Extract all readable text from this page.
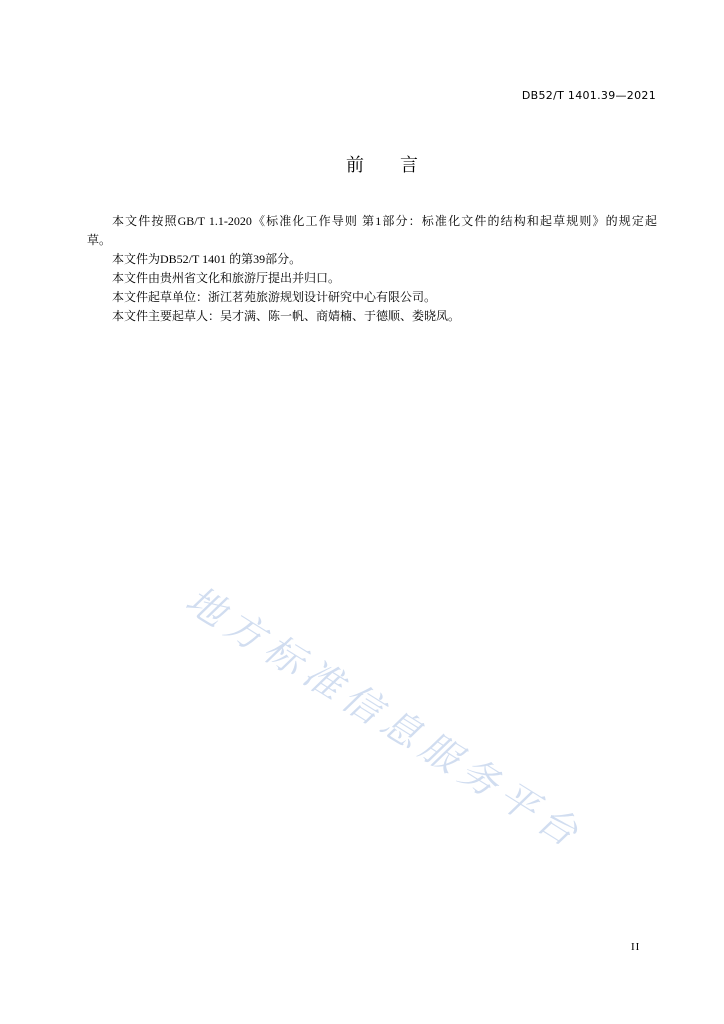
DB52/T 1401.39—2021
前　　言
本文件按照GB/T 1.1-2020《标准化工作导则 第1部分：标准化文件的结构和起草规则》的规定起
草。
本文件为DB52/T 1401 的第39部分。
本文件由贵州省文化和旅游厅提出并归口。
本文件起草单位：浙江茗苑旅游规划设计研究中心有限公司。
本文件主要起草人：吴才满、陈一帆、商婧楠、于德顺、娄晓凤。
地方标准信息服务平台
II
